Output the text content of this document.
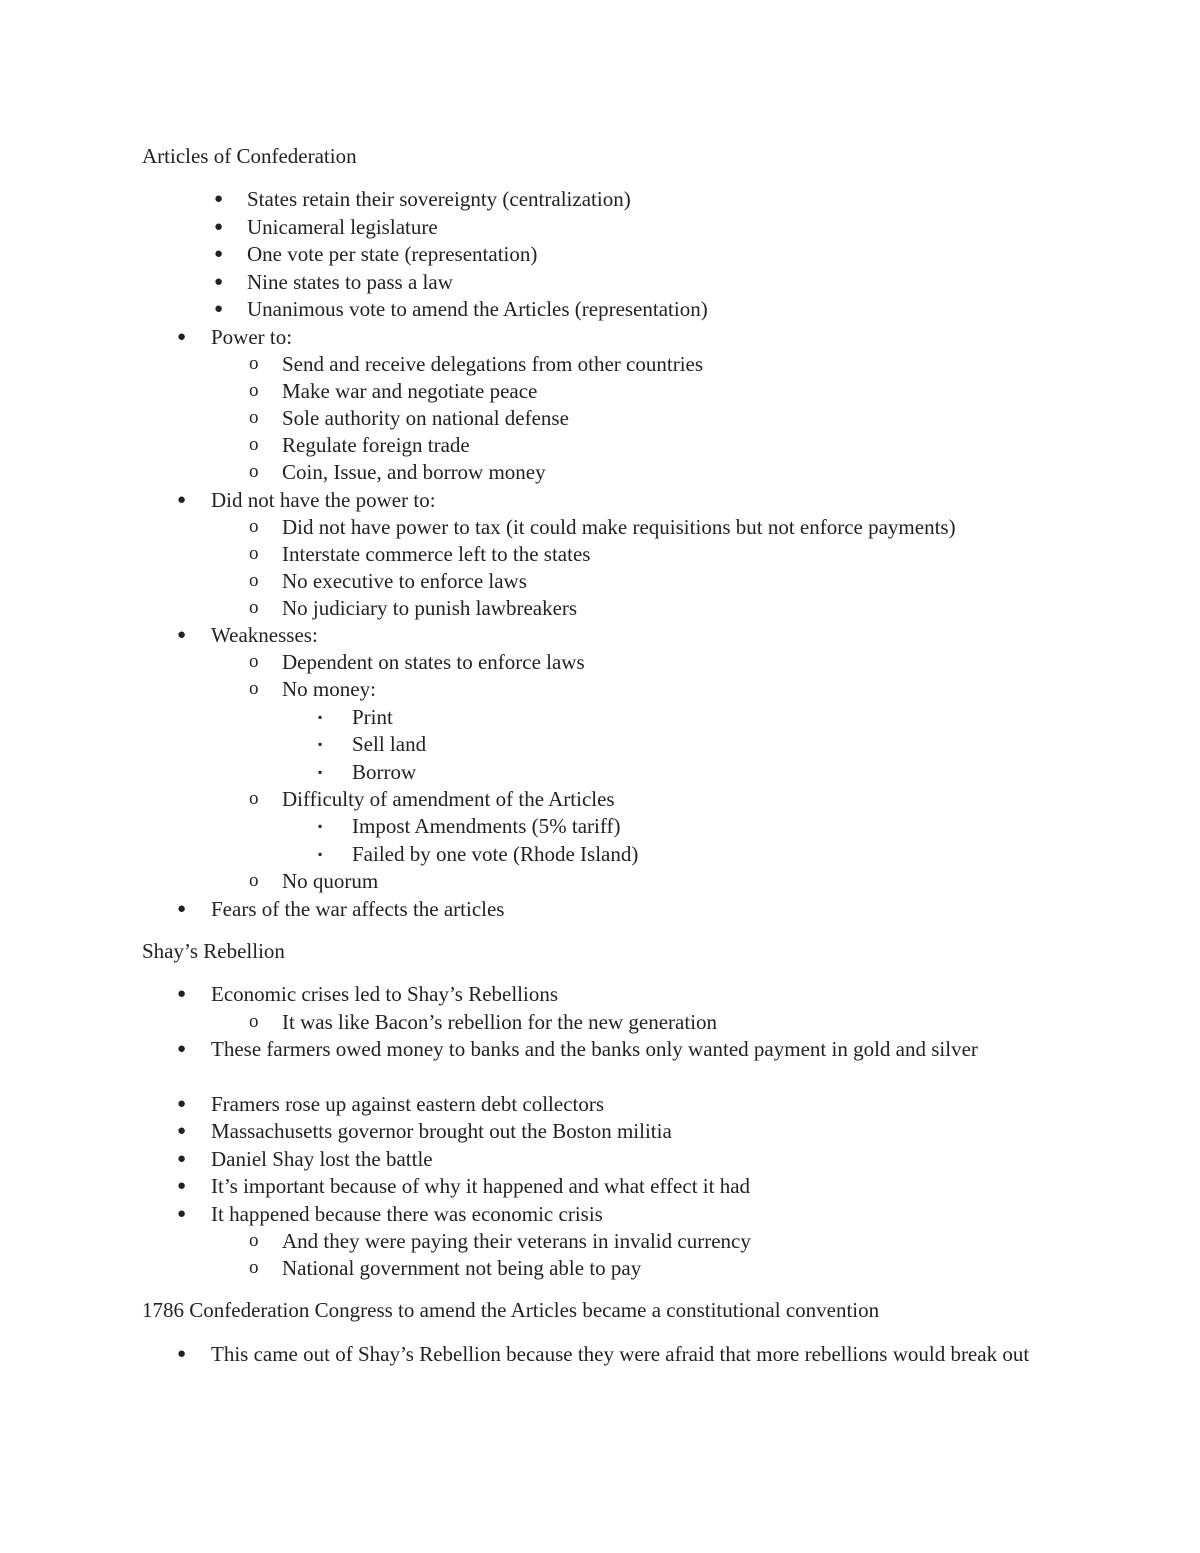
Articles of Confederation
● States retain their sovereignty (centralization)
● Unicameral legislature
● One vote per state (representation)
● Nine states to pass a law
● Unanimous vote to amend the Articles (representation)
● Power to:
o Send and receive delegations from other countries
o Make war and negotiate peace
o Sole authority on national defense
o Regulate foreign trade
o Coin, Issue, and borrow money
● Did not have the power to:
o Did not have power to tax (it could make requisitions but not enforce payments)
o Interstate commerce left to the states
o No executive to enforce laws
o No judiciary to punish lawbreakers
● Weaknesses:
o Dependent on states to enforce laws
o No money:
▪ Print
▪ Sell land
▪ Borrow
o Difficulty of amendment of the Articles
▪ Impost Amendments (5% tariff)
▪ Failed by one vote (Rhode Island)
o No quorum
● Fears of the war affects the articles
Shay’s Rebellion
● Economic crises led to Shay’s Rebellions
o It was like Bacon’s rebellion for the new generation
● These farmers owed money to banks and the banks only wanted payment in gold and silver
● Framers rose up against eastern debt collectors
● Massachusetts governor brought out the Boston militia
● Daniel Shay lost the battle
● It’s important because of why it happened and what effect it had
● It happened because there was economic crisis
o And they were paying their veterans in invalid currency
o National government not being able to pay
1786 Confederation Congress to amend the Articles became a constitutional convention
● This came out of Shay’s Rebellion because they were afraid that more rebellions would break out
